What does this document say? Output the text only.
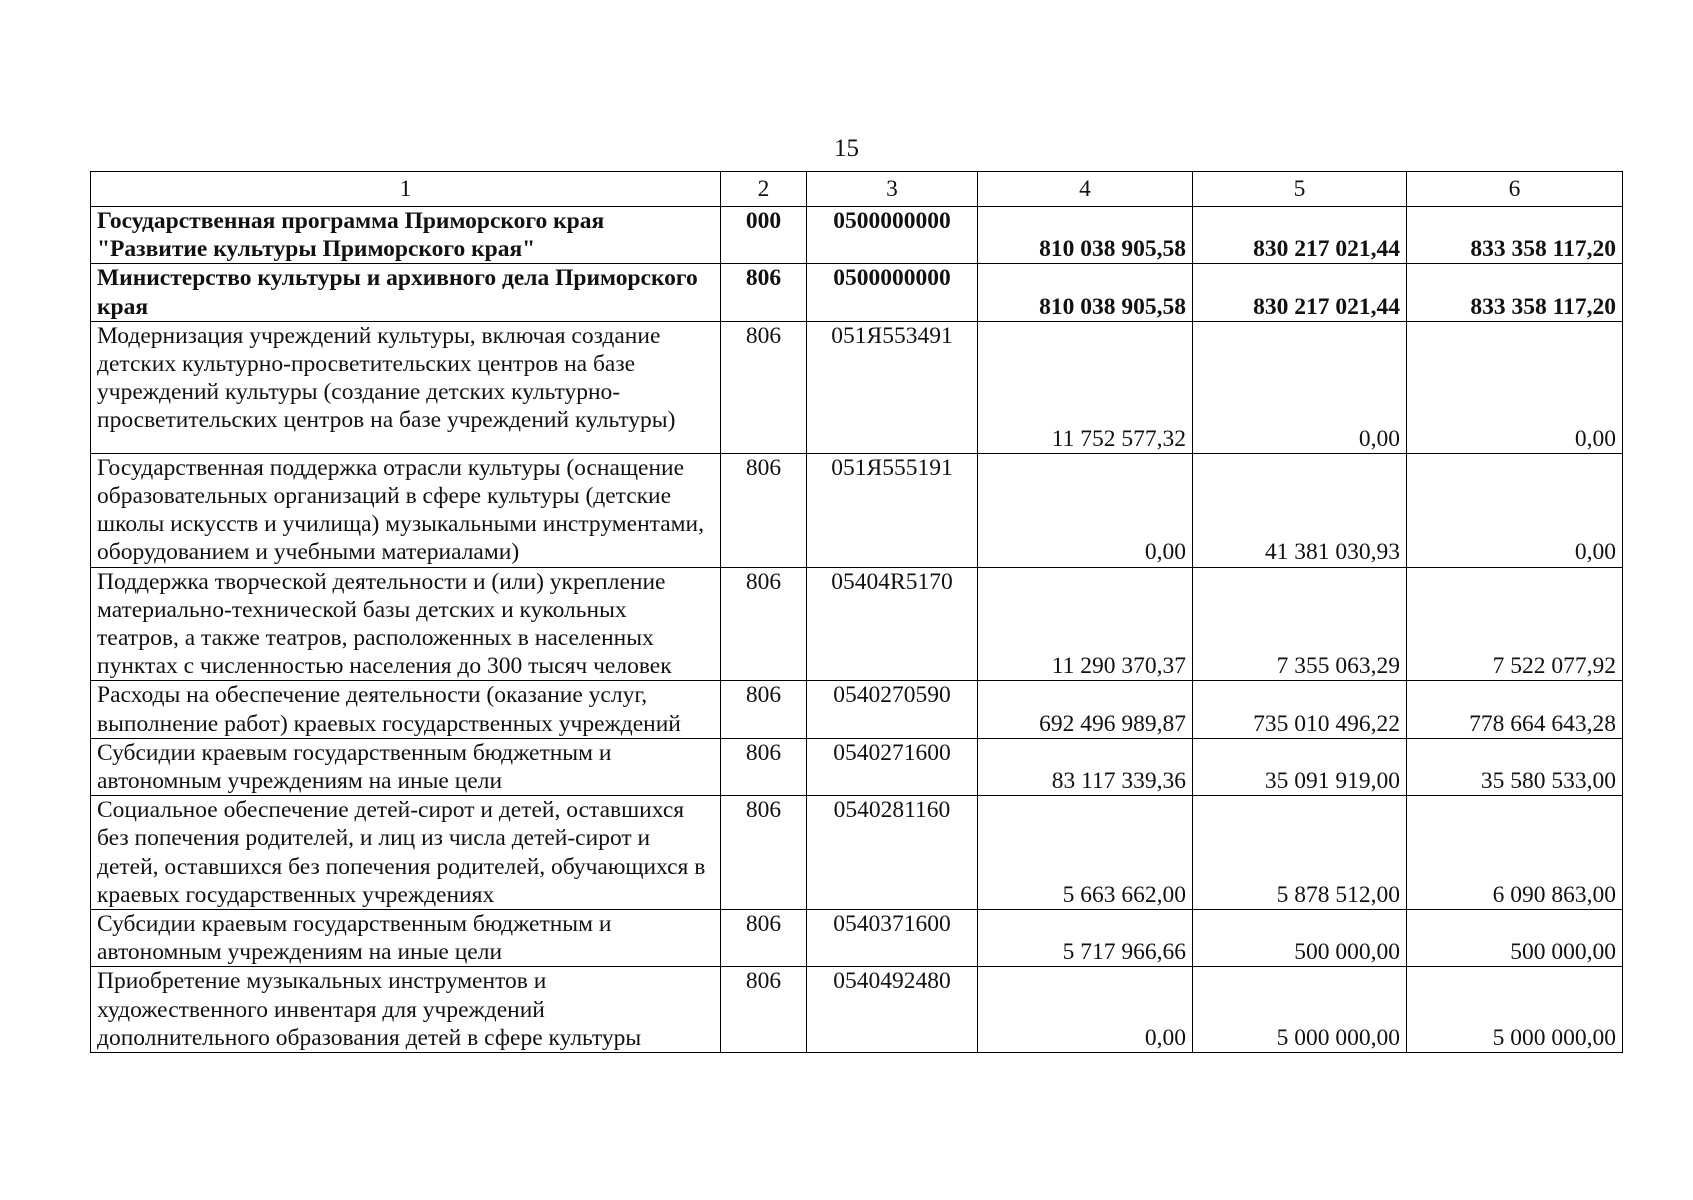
15
1	2	3	4	5	6
Государственная программа Приморского края "Развитие культуры Приморского края"	000	0500000000	810 038 905,58	830 217 021,44	833 358 117,20
Министерство культуры и архивного дела Приморского края	806	0500000000	810 038 905,58	830 217 021,44	833 358 117,20
Модернизация учреждений культуры, включая создание детских культурно-просветительских центров на базе учреждений культуры (создание детских культурно-просветительских центров на базе учреждений культуры)	806	051Я553491	11 752 577,32	0,00	0,00
Государственная поддержка отрасли культуры (оснащение образовательных организаций в сфере культуры (детские школы искусств и училища) музыкальными инструментами, оборудованием и учебными материалами)	806	051Я555191	0,00	41 381 030,93	0,00
Поддержка творческой деятельности и (или) укрепление материально-технической базы детских и кукольных театров, а также театров, расположенных в населенных пунктах с численностью населения до 300 тысяч человек	806	05404R5170	11 290 370,37	7 355 063,29	7 522 077,92
Расходы на обеспечение деятельности (оказание услуг, выполнение работ) краевых государственных учреждений	806	0540270590	692 496 989,87	735 010 496,22	778 664 643,28
Субсидии краевым государственным бюджетным и автономным учреждениям на иные цели	806	0540271600	83 117 339,36	35 091 919,00	35 580 533,00
Социальное обеспечение детей-сирот и детей, оставшихся без попечения родителей, и лиц из числа детей-сирот и детей, оставшихся без попечения родителей, обучающихся в краевых государственных учреждениях	806	0540281160	5 663 662,00	5 878 512,00	6 090 863,00
Субсидии краевым государственным бюджетным и автономным учреждениям на иные цели	806	0540371600	5 717 966,66	500 000,00	500 000,00
Приобретение музыкальных инструментов и художественного инвентаря для учреждений дополнительного образования детей в сфере культуры	806	0540492480	0,00	5 000 000,00	5 000 000,00
